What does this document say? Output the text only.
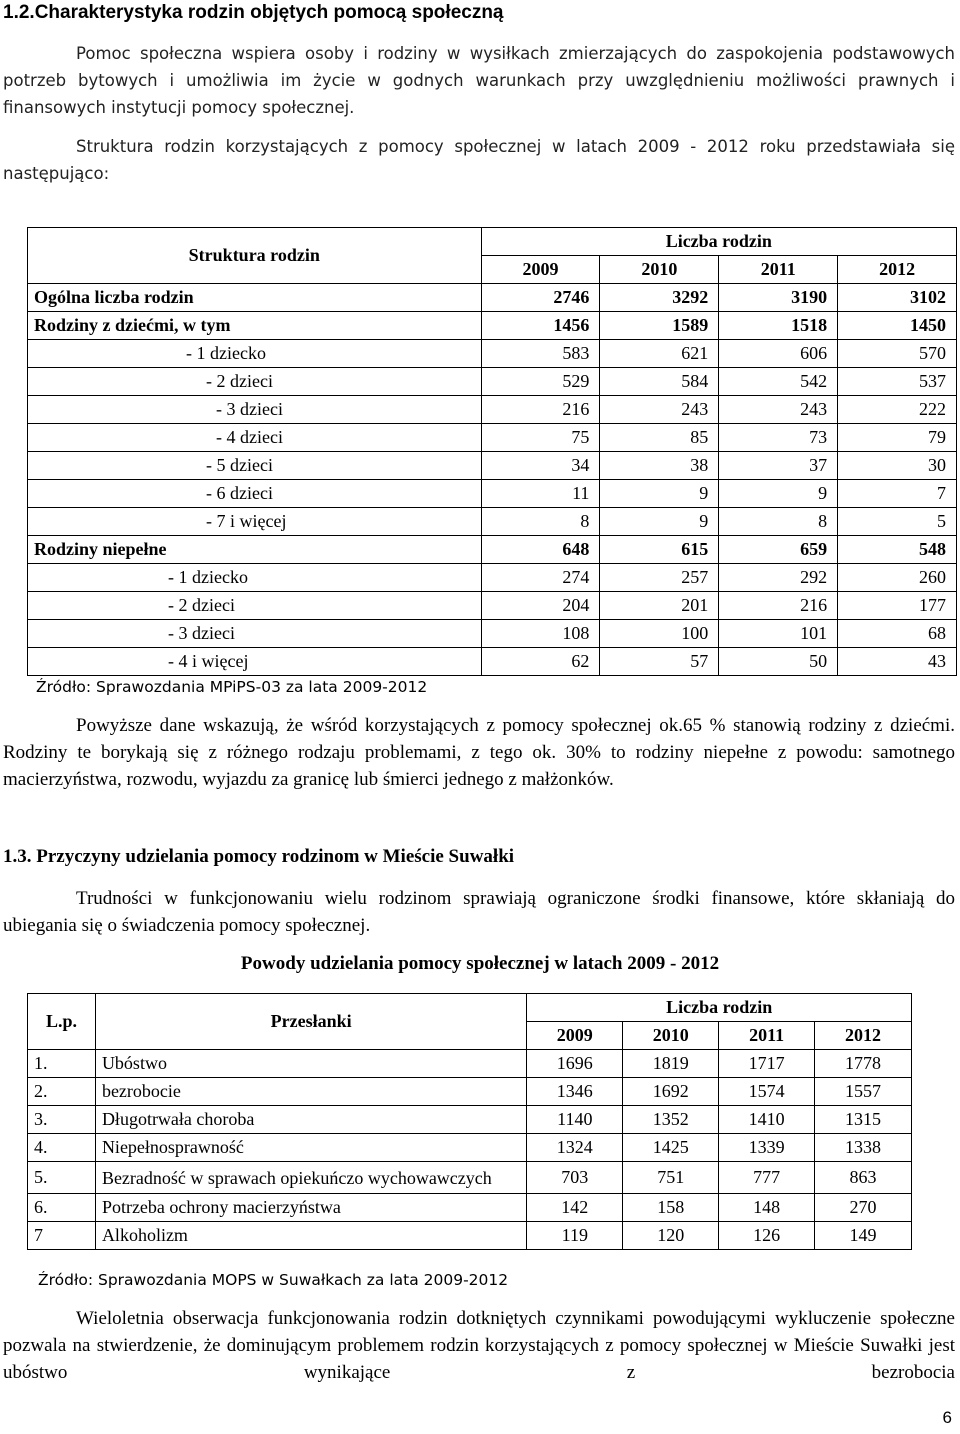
1.2.Charakterystyka rodzin objętych pomocą społeczną

Pomoc społeczna wspiera osoby i rodziny w wysiłkach zmierzających do zaspokojenia podstawowych potrzeb bytowych i umożliwia im życie w godnych warunkach przy uwzględnieniu możliwości prawnych i finansowych instytucji pomocy społecznej.

Struktura rodzin korzystających z pomocy społecznej w latach 2009 - 2012 roku przedstawiała się następująco:

Struktura rodzin	Liczba rodzin			
	2009	2010	2011	2012
Ogólna liczba rodzin	2746	3292	3190	3102
Rodziny z dziećmi, w tym	1456	1589	1518	1450
- 1 dziecko	583	621	606	570
- 2 dzieci	529	584	542	537
- 3 dzieci	216	243	243	222
- 4 dzieci	75	85	73	79
- 5 dzieci	34	38	37	30
- 6 dzieci	11	9	9	7
- 7 i więcej	8	9	8	5
Rodziny niepełne	648	615	659	548
- 1 dziecko	274	257	292	260
- 2 dzieci	204	201	216	177
- 3 dzieci	108	100	101	68
- 4 i więcej	62	57	50	43
Źródło: Sprawozdania MPiPS-03 za lata 2009-2012

Powyższe dane wskazują, że wśród korzystających z pomocy społecznej ok.65 % stanowią rodziny z dziećmi. Rodziny te borykają się z różnego rodzaju problemami, z tego ok. 30% to rodziny niepełne z powodu: samotnego macierzyństwa, rozwodu, wyjazdu za granicę lub śmierci jednego z małżonków.

1.3. Przyczyny udzielania pomocy rodzinom w Mieście Suwałki

Trudności w funkcjonowaniu wielu rodzinom sprawiają ograniczone środki finansowe, które skłaniają do ubiegania się o świadczenia pomocy społecznej.

Powody udzielania pomocy społecznej w latach 2009 - 2012
L.p.	Przesłanki	Liczba rodzin			
		2009	2010	2011	2012
1.	Ubóstwo	1696	1819	1717	1778
2.	bezrobocie	1346	1692	1574	1557
3.	Długotrwała choroba	1140	1352	1410	1315
4.	Niepełnosprawność	1324	1425	1339	1338
5.	Bezradność w sprawach opiekuńczo wychowawczych	703	751	777	863
6.	Potrzeba ochrony macierzyństwa	142	158	148	270
7	Alkoholizm	119	120	126	149
Źródło: Sprawozdania MOPS w Suwałkach za lata 2009-2012

Wieloletnia obserwacja funkcjonowania rodzin dotkniętych czynnikami powodującymi wykluczenie społeczne pozwala na stwierdzenie, że dominującym problemem rodzin korzystających z pomocy społecznej w Mieście Suwałki jest ubóstwo wynikające z bezrobocia

6
